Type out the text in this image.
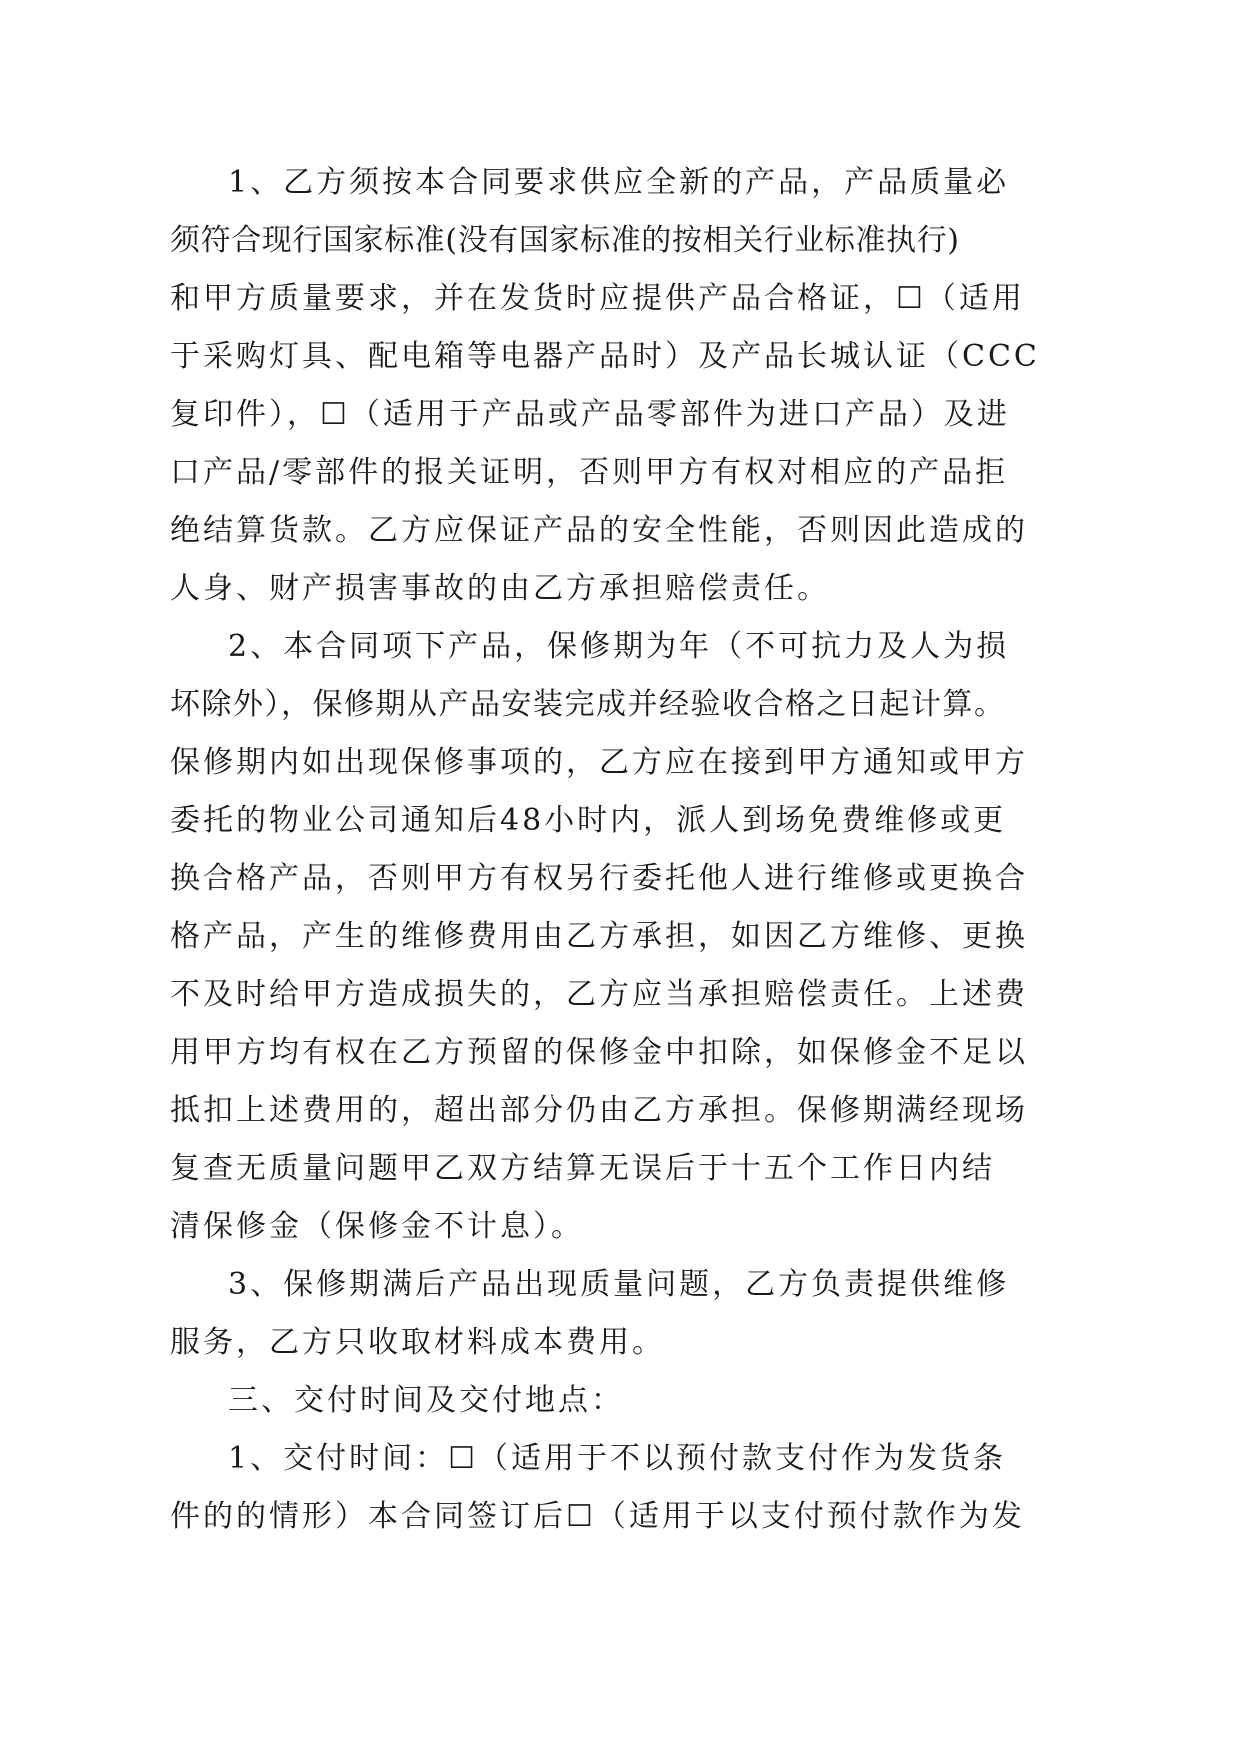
1、乙方须按本合同要求供应全新的产品，产品质量必
须符合现行国家标准(没有国家标准的按相关行业标准执行)
和甲方质量要求，并在发货时应提供产品合格证，☐（适用
于采购灯具、配电箱等电器产品时）及产品长城认证（CCC
复印件），☐（适用于产品或产品零部件为进口产品）及进
口产品/零部件的报关证明，否则甲方有权对相应的产品拒
绝结算货款。乙方应保证产品的安全性能，否则因此造成的
人身、财产损害事故的由乙方承担赔偿责任。
2、本合同项下产品，保修期为年（不可抗力及人为损
坏除外），保修期从产品安装完成并经验收合格之日起计算。
保修期内如出现保修事项的，乙方应在接到甲方通知或甲方
委托的物业公司通知后48小时内，派人到场免费维修或更
换合格产品，否则甲方有权另行委托他人进行维修或更换合
格产品，产生的维修费用由乙方承担，如因乙方维修、更换
不及时给甲方造成损失的，乙方应当承担赔偿责任。上述费
用甲方均有权在乙方预留的保修金中扣除，如保修金不足以
抵扣上述费用的，超出部分仍由乙方承担。保修期满经现场
复查无质量问题甲乙双方结算无误后于十五个工作日内结
清保修金（保修金不计息）。
3、保修期满后产品出现质量问题，乙方负责提供维修
服务，乙方只收取材料成本费用。
三、交付时间及交付地点：
1、交付时间：☐（适用于不以预付款支付作为发货条
件的的情形）本合同签订后☐（适用于以支付预付款作为发
